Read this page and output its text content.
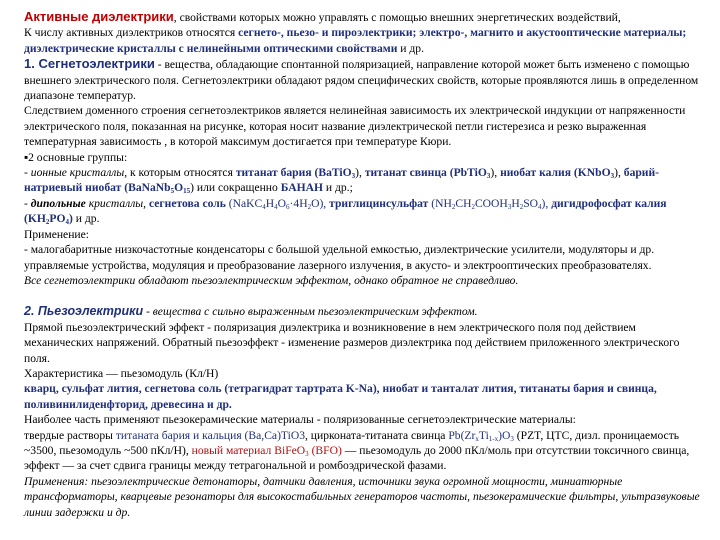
Активные диэлектрики, свойствами которых можно управлять с помощью внешних энергетических воздействий,
К числу активных диэлектриков относятся сегнето-, пьезо- и пироэлектрики; электро-, магнито и акустооптические материалы; диэлектрические кристаллы с нелинейными оптическими свойствами и др.

1. Сегнетоэлектрики - вещества, обладающие спонтанной поляризацией, направление которой может быть изменено с помощью внешнего электрического поля. Сегнетоэлектрики обладают рядом специфических свойств, которые проявляются лишь в определенном диапазоне температур.

Следствием доменного строения сегнетоэлектриков является нелинейная зависимость их электрической индукции от напряженности электрического поля, показанная на рисунке, которая носит название диэлектрической петли гистерезиса и резко выраженная температурная зависимость , в которой максимум достигается при температуре Кюри.

▪2 основные группы:

- ионные кристаллы, к которым относятся титанат бария (BaTiO$_3$), титанат свинца (PbTiO$_3$), ниобат калия (KNbO$_3$), барий-натриевый ниобат $(BaNaNb_5O_{15})$ или сокращенно БАНАН и др.;

- дипольные кристаллы, сегнетова соль $(NaKC_4H_4O_6\cdot 4H_2O)$, триглицинсульфат $(NH_2CH_2COOH_3H_2SO_4)$, дигидрофосфат калия $(KH_2PO_4)$ и др.

Применение:

- малогабаритные низкочастотные конденсаторы с большой удельной емкостью, диэлектрические усилители, модуляторы и др. управляемые устройства, модуляция и преобразование лазерного излучения, в акусто- и электрооптических преобразователях.

Все сегнетоэлектрики обладают пьезоэлектрическим эффектом, однако обратное не справедливо.

2. Пьезоэлектрики - вещества с сильно выраженным пьезоэлектрическим эффектом.

Прямой пьезоэлектрический эффект - поляризация диэлектрика и возникновение в нем электрического поля под действием механических напряжений. Обратный пьезоэффект - изменение размеров диэлектрика под действием приложенного электрического поля.

Характеристика — пьезомодуль (Кл/Н)

кварц, сульфат лития, сегнетова соль (тетрагидрат тартрата K-Na), ниобат и танталат лития, титанаты бария и свинца, поливинилиденфторид, древесина и др.

Наиболее часть применяют пьезокерамические материалы - поляризованные сегнетоэлектрические материалы:

твердые растворы титаната бария и кальция (Ba,Ca)TiO3, цирконата-титаната свинца $Pb(Zr_xTi_{1-x})O_3$ (PZT, ЦТС, дизл. проницаемость ~3500, пьезомодуль ~500 пКл/Н), новый материал BiFeO$_3$ (BFO) — пьезомодуль до 2000 пКл/моль при отсутствии токсичного свинца, эффект — за счет сдвига границы между тетрагональной и ромбоэдрической фазами.

Применения: пьезоэлектрические детонаторы, датчики давления, источники звука огромной мощности, миниатюрные трансформаторы, кварцевые резонаторы для высокостабильных генераторов частоты, пьезокерамические фильтры, ультразвуковые линии задержки и др.
